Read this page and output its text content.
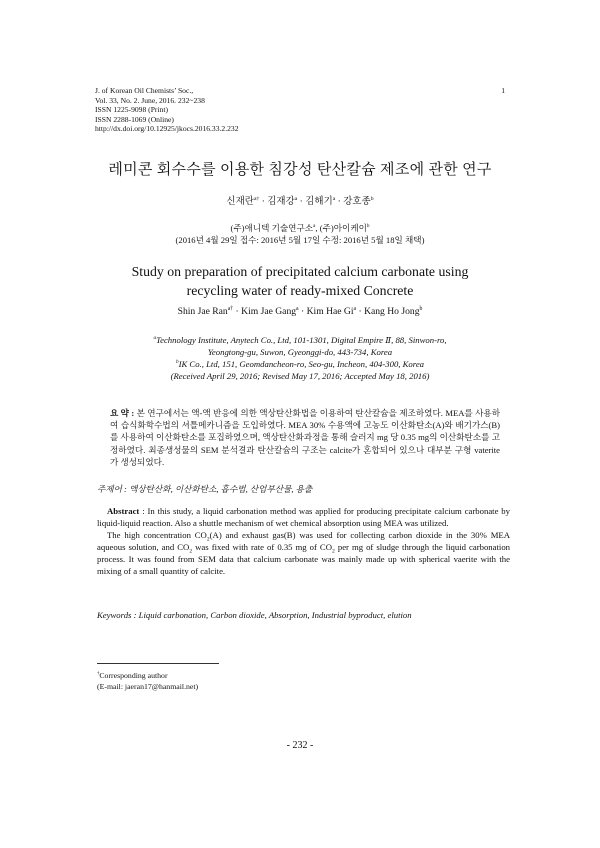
J. of Korean Oil Chemists’ Soc.,
Vol. 33, No. 2. June, 2016. 232~238
ISSN 1225-9098 (Print)
ISSN 2288-1069 (Online)
http://dx.doi.org/10.12925/jkocs.2016.33.2.232
1
레미콘 회수수를 이용한 침강성 탄산칼슘 제조에 관한 연구
신재란$^{a\dagger}$ · 김재강$^a$ · 김해기$^a$ · 강호종$^b$
(주)애니텍 기술연구소$^a$, (주)아이케이$^b$
(2016년 4월 29일 접수: 2016년 5월 17일 수정: 2016년 5월 18일 채택)
Study on preparation of precipitated calcium carbonate using
recycling water of ready-mixed Concrete
Shin Jae Ran$^{a\dagger}$ · Kim Jae Gang$^a$ · Kim Hae $Gi^a$ · Kang Ho Jong$^b$
$^a$Technology Institute, Anytech Co., Ltd, 101-1301, Digital Empire Ⅱ, 88, Sinwon-ro,
Yeongtong-gu, Suwon, Gyeonggi-do, 443-734, Korea
$^b$IK Co., Ltd, 151, Geomdancheon-ro, Seo-gu, Incheon, 404-300, Korea
(Received April 29, 2016; Revised May 17, 2016; Accepted May 18, 2016)
요 약 : 본 연구에서는 액-액 반응에 의한 액상탄산화법을 이용하여 탄산칼슘을 제조하였다. MEA를 사용하여 습식화학수법의 셔틀메카니즘을 도입하였다. MEA 30% 수용액에 고농도 이산화탄소(A)와 배기가스(B)를 사용하여 이산화탄소를 포집하였으며, 액상탄산화과정을 통해 슬러지 mg 당 0.35 mg의 이산화탄소를 고정하였다. 최종생성물의 SEM 분석결과 탄산칼슘의 구조는 calcite가 혼합되어 있으나 대부분 구형 vaterite가 생성되었다.
주제어 : 액상탄산화, 이산화탄소, 흡수법, 산업부산물, 용출

Abstract : In this study, a liquid carbonation method was applied for producing precipitate calcium carbonate by liquid-liquid reaction. Also a shuttle mechanism of wet chemical absorption using MEA was utilized.

The high concentration $CO_2(A)$ and exhaust gas(B) was used for collecting carbon dioxide in the 30% MEA aqueous solution, and $CO_2$ was fixed with rate of 0.35 mg of $CO_2$ per mg of sludge through the liquid carbonation process. It was found from SEM data that calcium carbonate was mainly made up with spherical vaerite with the mixing of a small quantity of calcite.

Keywords : Liquid carbonation, Carbon dioxide, Absorption, Industrial byproduct, elution
†Corresponding author
(E-mail: jaeran17@hanmail.net)
- 232 -
